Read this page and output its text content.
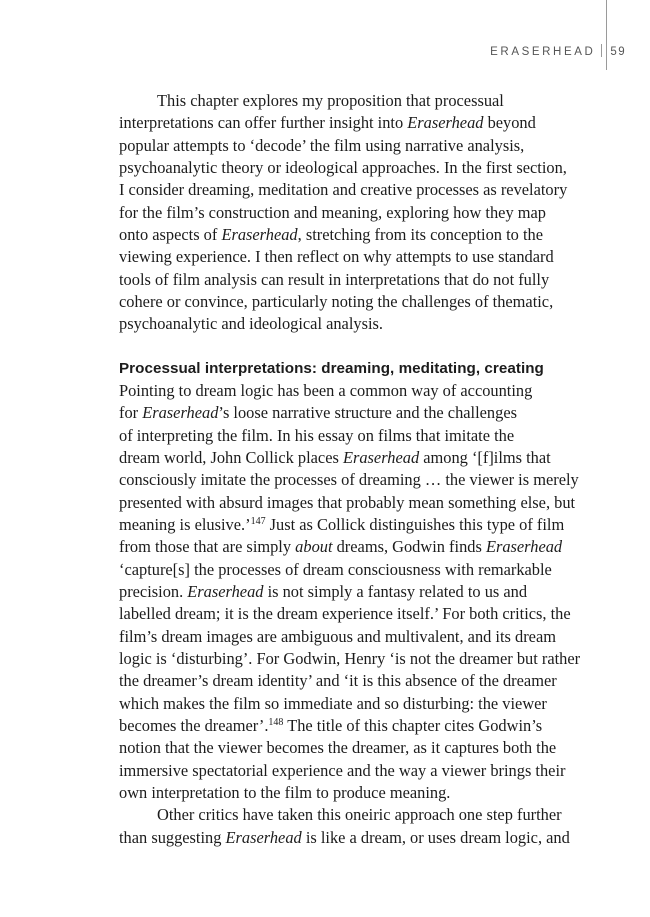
ERASERHEAD 59

This chapter explores my proposition that processual
interpretations can offer further insight into Eraserhead beyond
popular attempts to ‘decode’ the film using narrative analysis,
psychoanalytic theory or ideological approaches. In the first section,
I consider dreaming, meditation and creative processes as revelatory
for the film’s construction and meaning, exploring how they map
onto aspects of Eraserhead, stretching from its conception to the
viewing experience. I then reflect on why attempts to use standard
tools of film analysis can result in interpretations that do not fully
cohere or convince, particularly noting the challenges of thematic,
psychoanalytic and ideological analysis.

Processual interpretations: dreaming, meditating, creating

Pointing to dream logic has been a common way of accounting
for Eraserhead’s loose narrative structure and the challenges
of interpreting the film. In his essay on films that imitate the
dream world, John Collick places Eraserhead among ‘[f]ilms that
consciously imitate the processes of dreaming … the viewer is merely
presented with absurd images that probably mean something else, but
meaning is elusive.’$^{147}$ Just as Collick distinguishes this type of film
from those that are simply about dreams, Godwin finds Eraserhead
‘capture[s] the processes of dream consciousness with remarkable
precision. Eraserhead is not simply a fantasy related to us and
labelled dream; it is the dream experience itself.’ For both critics, the
film’s dream images are ambiguous and multivalent, and its dream
logic is ‘disturbing’. For Godwin, Henry ‘is not the dreamer but rather
the dreamer’s dream identity’ and ‘it is this absence of the dreamer
which makes the film so immediate and so disturbing: the viewer
becomes the dreamer’.$^{148}$ The title of this chapter cites Godwin’s
notion that the viewer becomes the dreamer, as it captures both the
immersive spectatorial experience and the way a viewer brings their
own interpretation to the film to produce meaning.

Other critics have taken this oneiric approach one step further
than suggesting Eraserhead is like a dream, or uses dream logic, and
